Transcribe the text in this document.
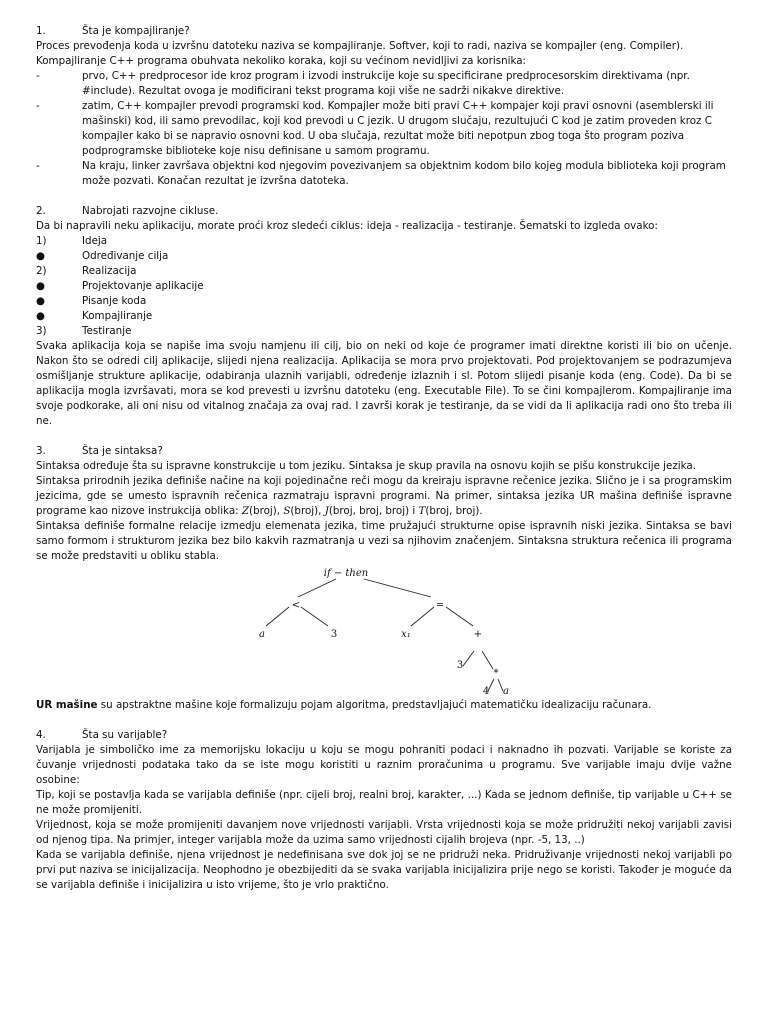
1.	Šta je kompajliranje?

Proces prevođenja koda u izvršnu datoteku naziva se kompajliranje. Softver, koji to radi, naziva se kompajler (eng. Compiler).

Kompajliranje C++ programa obuhvata nekoliko koraka, koji su većinom nevidljivi za korisnika:

-	prvo, C++ predprocesor ide kroz program i izvodi instrukcije koje su specificirane predprocesorskim direktivama (npr. #include). Rezultat ovoga je modificirani tekst programa koji više ne sadrži nikakve direktive.
-	zatim, C++ kompajler prevodi programski kod. Kompajler može biti pravi C++ kompajer koji pravi osnovni (asemblerski ili mašinski) kod, ili samo prevodilac, koji kod prevodi u C jezik. U drugom slučaju, rezultujući C kod je zatim proveden kroz C kompajler kako bi se napravio osnovni kod. U oba slučaja, rezultat može biti nepotpun zbog toga što program poziva podprogramske biblioteke koje nisu definisane u samom programu.
-	Na kraju, linker završava objektni kod njegovim povezivanjem sa objektnim kodom bilo kojeg modula biblioteka koji program može pozvati. Konačan rezultat je izvršna datoteka.
2.	Nabrojati razvojne cikluse.

Da bi napravili neku aplikaciju, morate proći kroz sledeći ciklus: ideja - realizacija - testiranje. Šematski to izgleda ovako:

1)	Ideja
●	Određivanje cilja
2)	Realizacija
●	Projektovanje aplikacije
●	Pisanje koda
●	Kompajliranje
3)	Testiranje

Svaka aplikacija koja se napiše ima svoju namjenu ili cilj, bio on neki od koje će programer imati direktne koristi ili bio on učenje. Nakon što se odredi cilj aplikacije, slijedi njena realizacija. Aplikacija se mora prvo projektovati. Pod projektovanjem se podrazumjeva osmišljanje strukture aplikacije, odabiranja ulaznih varijabli, određenje izlaznih i sl. Potom slijedi pisanje koda (eng. Code). Da bi se aplikacija mogla izvršavati, mora se kod prevesti u izvršnu datoteku (eng. Executable File). To se čini kompajlerom. Kompajliranje ima svoje podkorake, ali oni nisu od vitalnog značaja za ovaj rad. I završi korak je testiranje, da se vidi da li aplikacija radi ono što treba ili ne.

3.	Šta je sintaksa?

Sintaksa određuje šta su ispravne konstrukcije u tom jeziku. Sintaksa je skup pravila na osnovu kojih se pišu konstrukcije jezika.

Sintaksa prirodnih jezika definiše načine na koji pojedinačne reči mogu da kreiraju ispravne rečenice jezika. Slično je i sa programskim jezicima, gde se umesto ispravnih rečenica razmatraju ispravni programi. Na primer, sintaksa jezika UR mašina definiše ispravne programe kao nizove instrukcija oblika: Z(broj), S(broj), J(broj, broj, broj) i T(broj, broj).

Sintaksa definiše formalne relacije izmedju elemenata jezika, time pružajući strukturne opise ispravnih niski jezika. Sintaksa se bavi samo formom i strukturom jezika bez bilo kakvih razmatranja u vezi sa njihovim značenjem. Sintaksna struktura rečenica ili programa se može predstaviti u obliku stabla.

if − then
<	=
a	3	x₁	+
3
*
4 a

UR mašine su apstraktne mašine koje formalizuju pojam algoritma, predstavljajući matematičku idealizaciju računara.

4.	Šta su varijable?

Varijabla je simboličko ime za memorijsku lokaciju u koju se mogu pohraniti podaci i naknadno ih pozvati. Varijable se koriste za čuvanje vrijednosti podataka tako da se iste mogu koristiti u raznim proračunima u programu. Sve varijable imaju dvije važne osobine:

Tip, koji se postavlja kada se varijabla definiše (npr. cijeli broj, realni broj, karakter, ...) Kada se jednom definiše, tip varijable u C++ se ne može promijeniti.

Vrijednost, koja se može promijeniti davanjem nove vrijednosti varijabli. Vrsta vrijednosti koja se može pridružiti nekoj varijabli zavisi od njenog tipa. Na primjer, integer varijabla može da uzima samo vrijednosti cijalih brojeva (npr. -5, 13, ..)

Kada se varijabla definiše, njena vrijednost je nedefinisana sve dok joj se ne pridruži neka. Pridruživanje vrijednosti nekoj varijabli po prvi put naziva se inicijalizacija. Neophodno je obezbijediti da se svaka varijabla inicijalizira prije nego se koristi. Također je moguće da se varijabla definiše i inicijalizira u isto vrijeme, što je vrlo praktično.
